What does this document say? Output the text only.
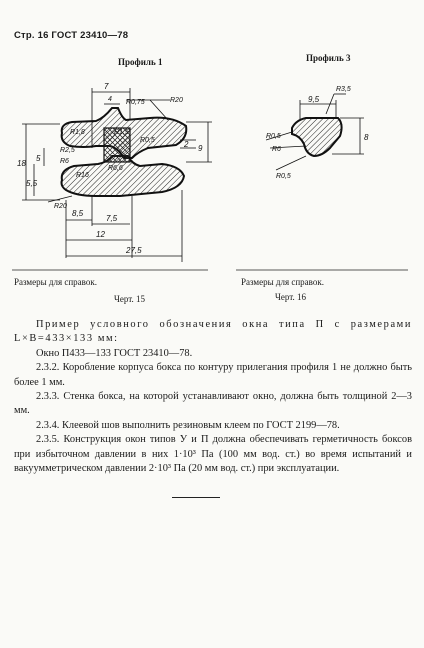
Стр. 16 ГОСТ 23410—78
Профиль 1	Профиль 3
7
4 R0,75	R20
R1,8	R1,5
R0,5
R2,5
R6
R16
R6,6
2 9
18
5
5,5
R20
8,5
7,5
12
27,5
R3,5
9,5
R0,5
R6
8
R0,5
Размеры для справок.	Размеры для справок.
Черт. 15	Черт. 16

Пример условного обозначения окна типа П с размерами L×B=433×133 мм:

Окно П433—133 ГОСТ 23410—78.

2.3.2. Коробление корпуса бокса по контуру прилегания профиля 1 не должно быть более 1 мм.

2.3.3. Стенка бокса, на которой устанавливают окно, должна быть толщиной 2—3 мм.

2.3.4. Клеевой шов выполнить резиновым клеем по ГОСТ 2199—78.

2.3.5. Конструкция окон типов У и П должна обеспечивать герметичность боксов при избыточном давлении в них 1·10³ Па (100 мм вод. ст.) во время испытаний и вакуумметрическом давлении 2·10³ Па (20 мм вод. ст.) при эксплуатации.
